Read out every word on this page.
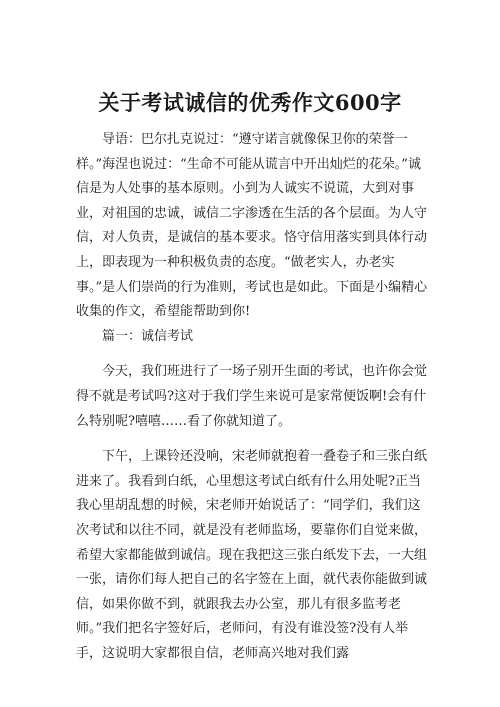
关于考试诚信的优秀作文600字

导语：巴尔扎克说过：“遵守诺言就像保卫你的荣誉一样。”海涅也说过：“生命不可能从谎言中开出灿烂的花朵。”诚信是为人处事的基本原则。小到为人诚实不说谎，大到对事业，对祖国的忠诚，诚信二字渗透在生活的各个层面。为人守信，对人负责，是诚信的基本要求。恪守信用落实到具体行动上，即表现为一种积极负责的态度。“做老实人，办老实事。”是人们崇尚的行为准则，考试也是如此。下面是小编精心收集的作文，希望能帮助到你!

篇一：诚信考试

今天，我们班进行了一场子别开生面的考试，也许你会觉得不就是考试吗?这对于我们学生来说可是家常便饭啊!会有什么特别呢?嘻嘻……看了你就知道了。

下午，上课铃还没响，宋老师就抱着一叠卷子和三张白纸进来了。我看到白纸，心里想这考试白纸有什么用处呢?正当我心里胡乱想的时候，宋老师开始说话了：“同学们，我们这次考试和以往不同，就是没有老师监场，要靠你们自觉来做，希望大家都能做到诚信。现在我把这三张白纸发下去，一大组一张，请你们每人把自己的名字签在上面，就代表你能做到诚信，如果你做不到，就跟我去办公室，那儿有很多监考老师。”我们把名字签好后，老师问，有没有谁没签?没有人举手，这说明大家都很自信，老师高兴地对我们露
